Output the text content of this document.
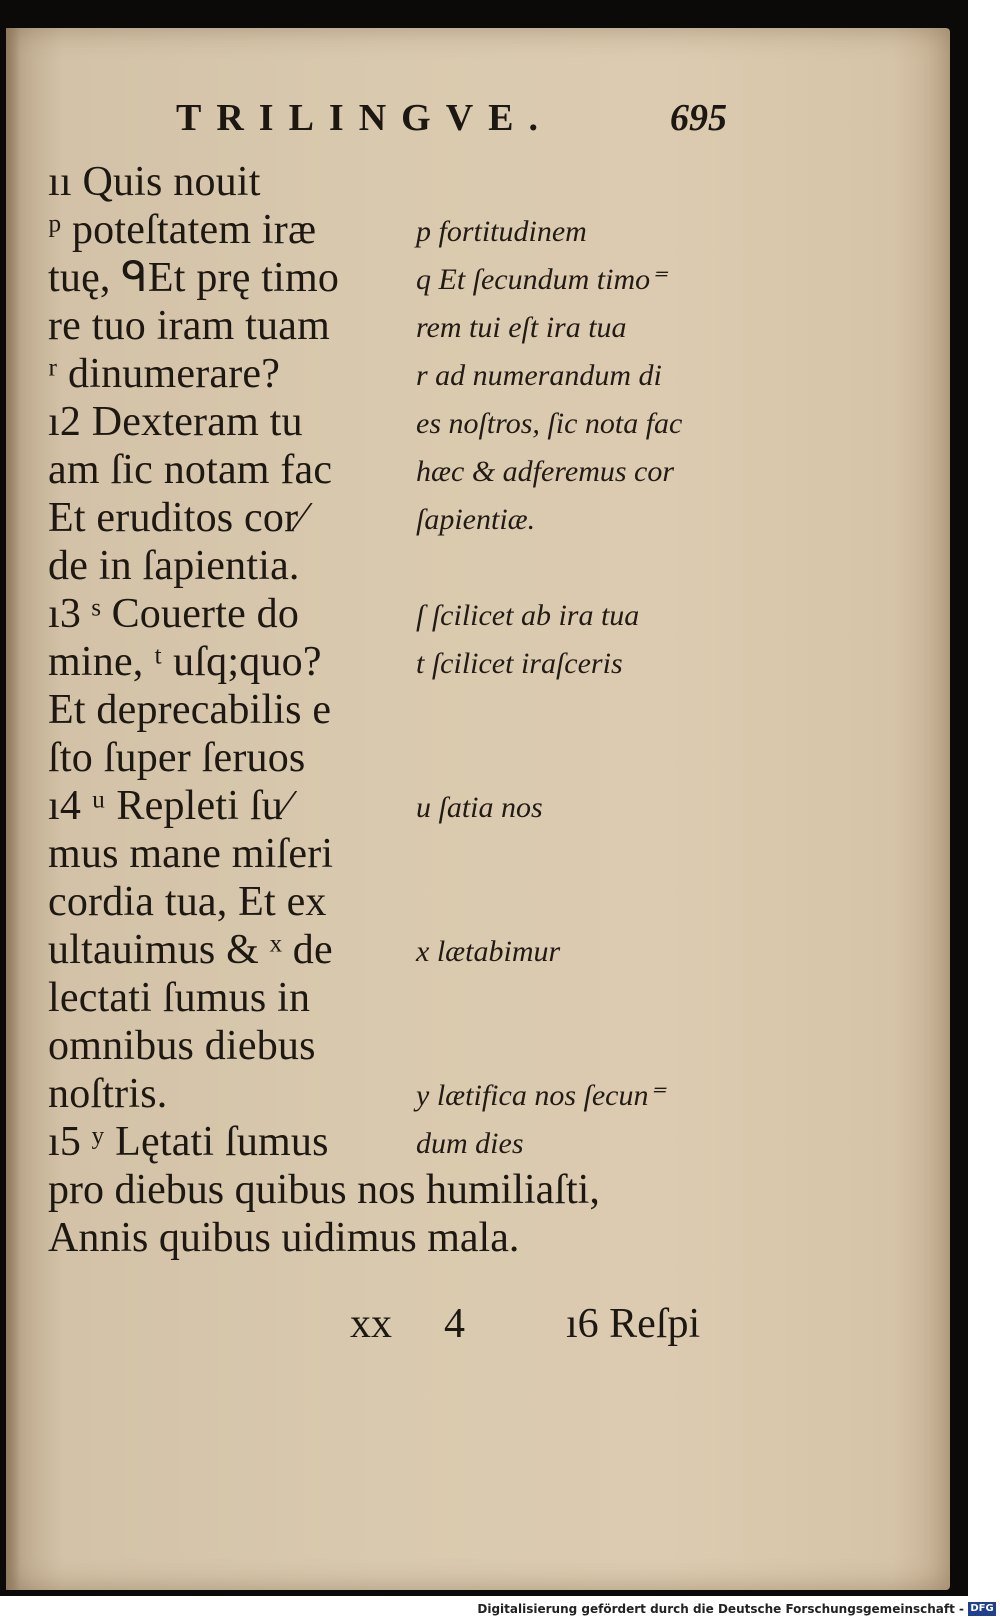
TRILINGVE.	695
ıı Quis nouit
ᵖ poteſtatem iræ
tuę, ᑫEt prę timo
re tuo iram tuam
ʳ dinumerare?
ı2 Dexteram tu
am ſic notam fac
Et eruditos cor⁄
de in ſapientia.
ı3 ˢ Couerte do
mine, ᵗ uſq;quo?
Et deprecabilis e
ſto ſuper ſeruos
ı4 ᵘ Repleti ſu⁄
mus mane miſeri
cordia tua, Et ex
ultauimus & ˣ de
lectati ſumus in
omnibus diebus
noſtris.
ı5 ʸ Lętati ſumus
p fortitudinem
q Et ſecundum timo⁼
rem tui eſt ira tua
r ad numerandum di
es noſtros, ſic nota fac
hæc & adferemus cor
ſapientiæ.
ſ ſcilicet ab ira tua
t ſcilicet iraſceris
u ſatia nos
x lætabimur
y lætifica nos ſecun⁼
dum dies
pro diebus quibus nos humiliaſti,
Annis quibus uidimus mala.
xx 4 ı6 Reſpi
Digitalisierung gefördert durch die Deutsche Forschungsgemeinschaft - DFG
